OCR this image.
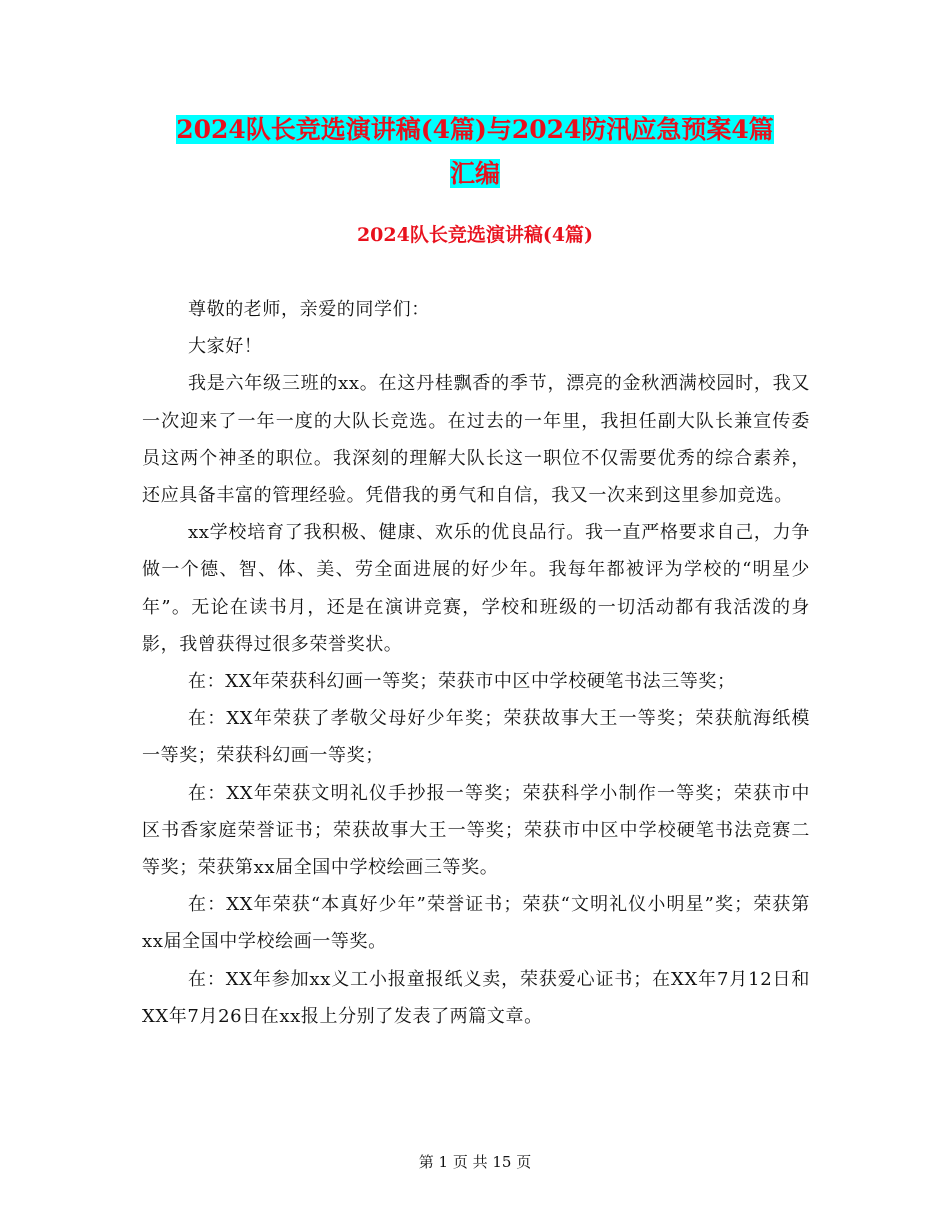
2024队长竞选演讲稿(4篇)与2024防汛应急预案4篇
汇编
2024队长竞选演讲稿(4篇)

尊敬的老师，亲爱的同学们：

大家好！

我是六年级三班的xx。在这丹桂飘香的季节，漂亮的金秋洒满校园时，我又一次迎来了一年一度的大队长竞选。在过去的一年里，我担任副大队长兼宣传委员这两个神圣的职位。我深刻的理解大队长这一职位不仅需要优秀的综合素养，还应具备丰富的管理经验。凭借我的勇气和自信，我又一次来到这里参加竞选。

xx学校培育了我积极、健康、欢乐的优良品行。我一直严格要求自己，力争做一个德、智、体、美、劳全面进展的好少年。我每年都被评为学校的“明星少年”。无论在读书月，还是在演讲竞赛，学校和班级的一切活动都有我活泼的身影，我曾获得过很多荣誉奖状。

在：XX年荣获科幻画一等奖；荣获市中区中学校硬笔书法三等奖；

在：XX年荣获了孝敬父母好少年奖；荣获故事大王一等奖；荣获航海纸模一等奖；荣获科幻画一等奖；

在：XX年荣获文明礼仪手抄报一等奖；荣获科学小制作一等奖；荣获市中区书香家庭荣誉证书；荣获故事大王一等奖；荣获市中区中学校硬笔书法竞赛二等奖；荣获第xx届全国中学校绘画三等奖。

在：XX年荣获“本真好少年”荣誉证书；荣获“文明礼仪小明星”奖；荣获第xx届全国中学校绘画一等奖。

在：XX年参加xx义工小报童报纸义卖，荣获爱心证书；在XX年7月12日和XX年7月26日在xx报上分别了发表了两篇文章。

第 1 页 共 15 页
